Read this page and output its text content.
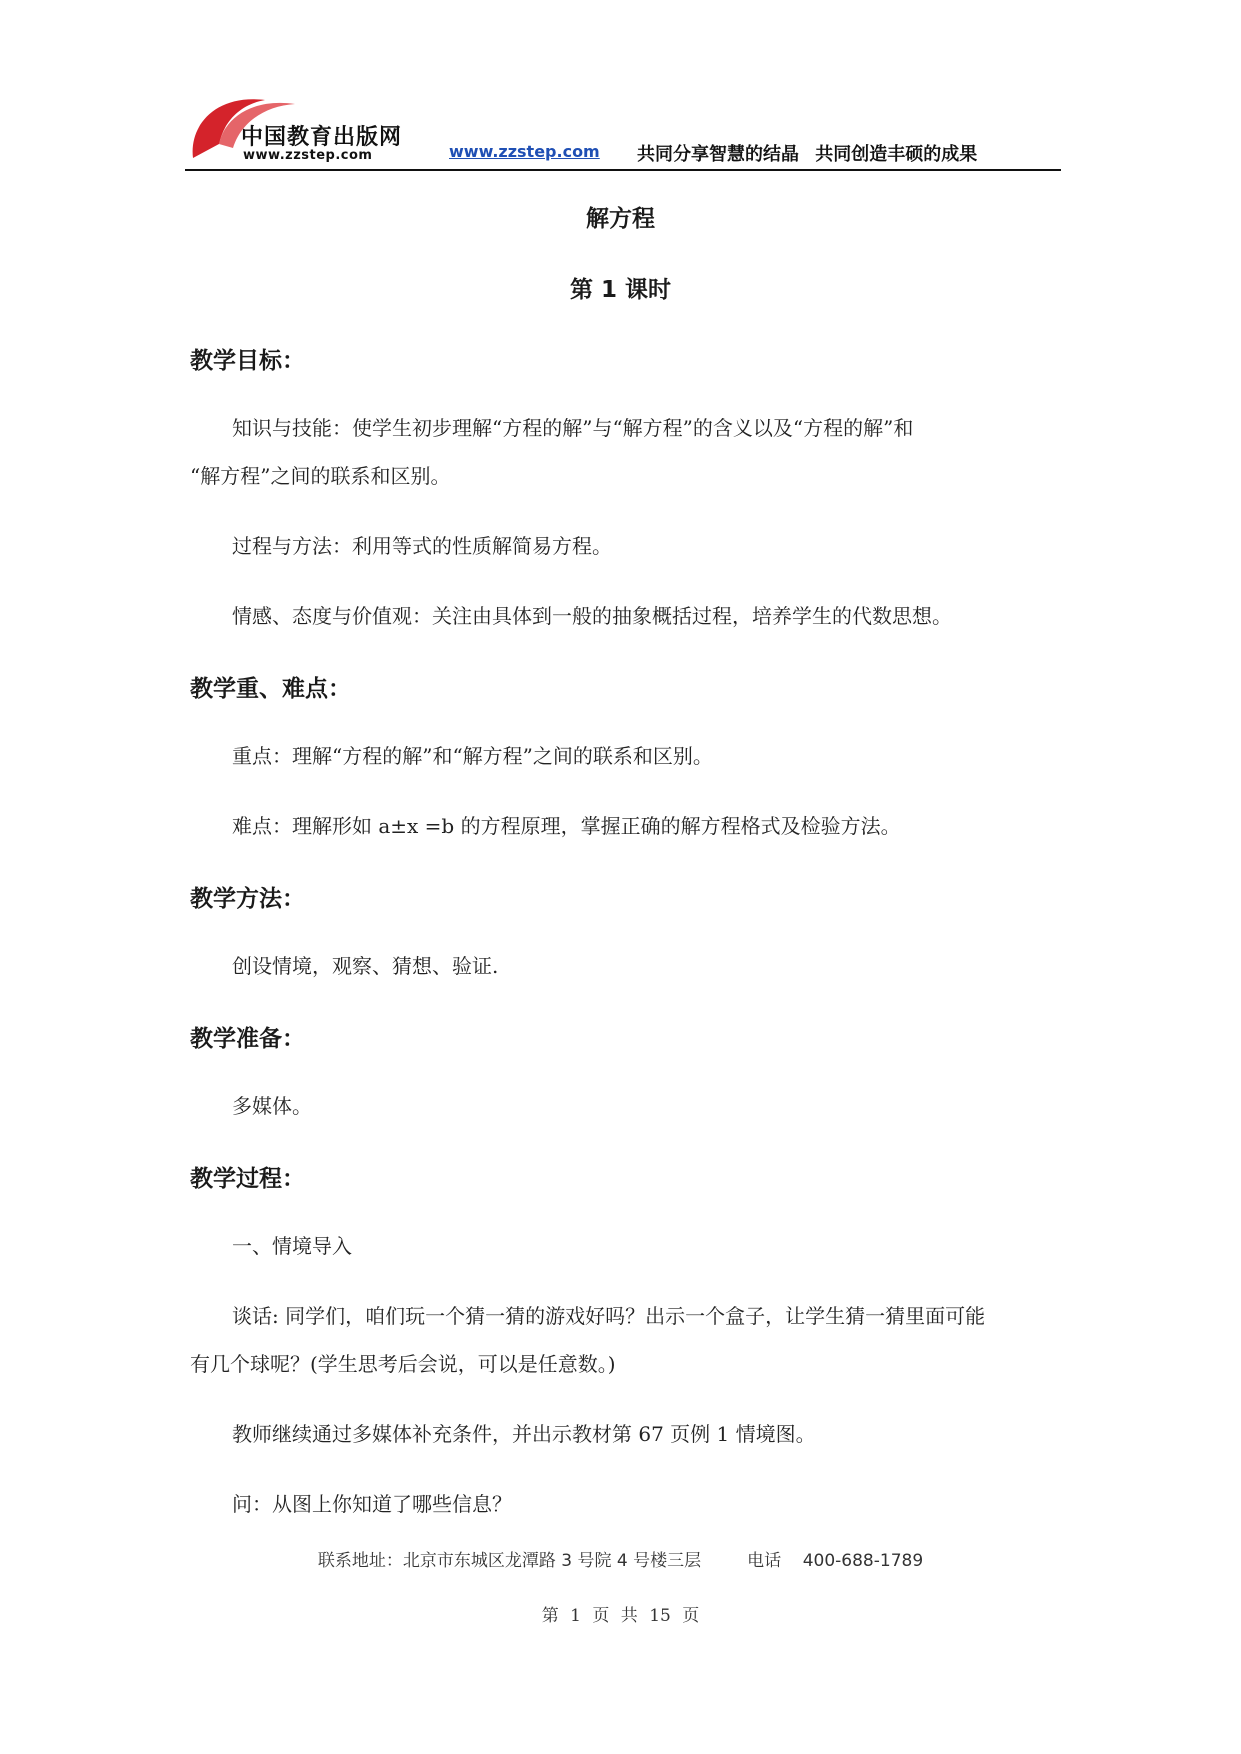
中国教育出版网
www.zzstep.com	www.zzstep.com 共同分享智慧的结晶 共同创造丰硕的成果
解方程
第 1 课时
教学目标：
知识与技能：使学生初步理解“方程的解”与“解方程”的含义以及“方程的解”和
“解方程”之间的联系和区别。
过程与方法：利用等式的性质解简易方程。
情感、态度与价值观：关注由具体到一般的抽象概括过程，培养学生的代数思想。
教学重、难点：
重点：理解“方程的解”和“解方程”之间的联系和区别。
难点：理解形如 a±x =b 的方程原理，掌握正确的解方程格式及检验方法。
教学方法：
创设情境，观察、猜想、验证.
教学准备：
多媒体。
教学过程：
一、情境导入
谈话: 同学们，咱们玩一个猜一猜的游戏好吗？出示一个盒子，让学生猜一猜里面可能
有几个球呢？(学生思考后会说，可以是任意数。)
教师继续通过多媒体补充条件，并出示教材第 67 页例 1 情境图。
问：从图上你知道了哪些信息？
联系地址：北京市东城区龙潭路 3 号院 4 号楼三层	电话 400-688-1789
第 1 页 共 15 页
